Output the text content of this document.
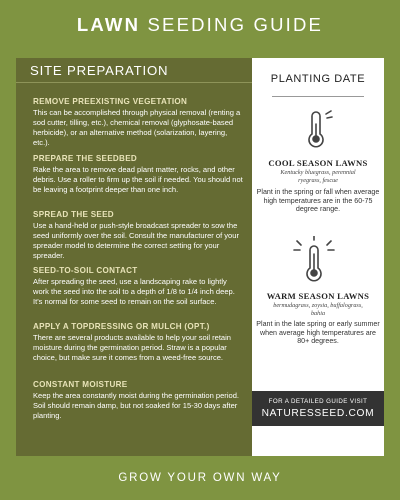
LAWN SEEDING GUIDE
SITE PREPARATION
REMOVE PREEXISTING VEGETATION
This can be accomplished through physical removal (renting a sod cutter, tilling, etc.), chemical removal (glyphosate-based herbicide), or an alternative method (solarization, layering, etc.).
PREPARE THE SEEDBED
Rake the area to remove dead plant matter, rocks, and other debris. Use a roller to firm up the soil if needed. You should not be leaving a footprint deeper than one inch.
SPREAD THE SEED
Use a hand-held or push-style broadcast spreader to sow the seed uniformly over the soil. Consult the manufacturer of your spreader model to determine the correct setting for your spreader.
SEED-TO-SOIL CONTACT
After spreading the seed, use a landscaping rake to lightly work the seed into the soil to a depth of 1/8 to 1/4 inch deep. It's normal for some seed to remain on the soil surface.
APPLY A TOPDRESSING OR MULCH (OPT.)
There are several products available to help your soil retain moisture during the germination period. Straw is a popular choice, but make sure it comes from a weed-free source.
CONSTANT MOISTURE
Keep the area constantly moist during the germination period. Soil should remain damp, but not soaked for 15-30 days after planting.
PLANTING DATE
COOL SEASON LAWNS
Kentucky bluegrass, perennial ryegrass, fescue
Plant in the spring or fall when average high temperatures are in the 60-75 degree range.
WARM SEASON LAWNS
bermudagrass, zoysia, buffalograss, bahia
Plant in the late spring or early summer when average high temperatures are 80+ degrees.
FOR A DETAILED GUIDE VISIT
NATURESSEED.COM
GROW YOUR OWN WAY
